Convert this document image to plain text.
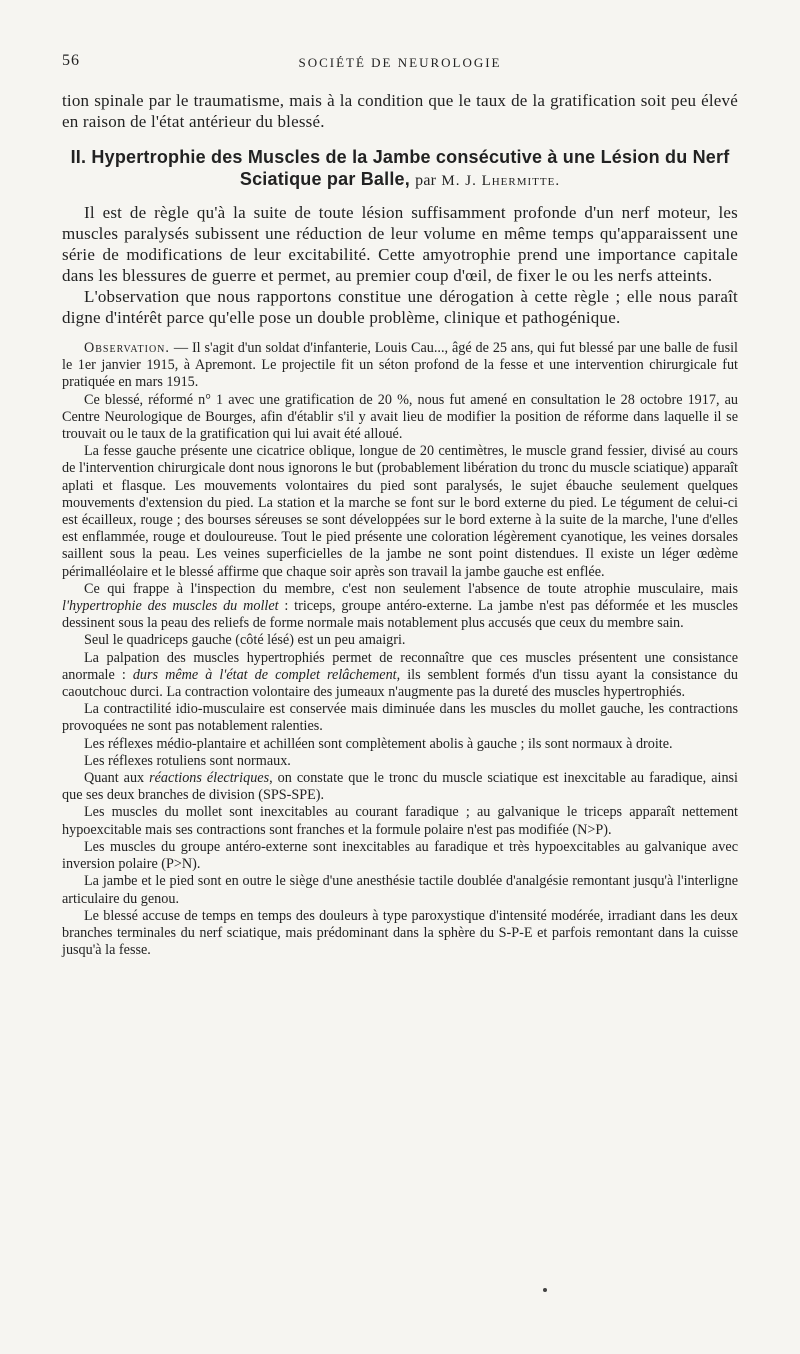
56	SOCIÉTÉ DE NEUROLOGIE

tion spinale par le traumatisme, mais à la condition que le taux de la gratification soit peu élevé en raison de l'état antérieur du blessé.

II. Hypertrophie des Muscles de la Jambe consécutive à une Lésion du Nerf Sciatique par Balle, par M. J. Lhermitte.

Il est de règle qu'à la suite de toute lésion suffisamment profonde d'un nerf moteur, les muscles paralysés subissent une réduction de leur volume en même temps qu'apparaissent une série de modifications de leur excitabilité. Cette amyotrophie prend une importance capitale dans les blessures de guerre et permet, au premier coup d'œil, de fixer le ou les nerfs atteints.

L'observation que nous rapportons constitue une dérogation à cette règle ; elle nous paraît digne d'intérêt parce qu'elle pose un double problème, clinique et pathogénique.

Observation. — Il s'agit d'un soldat d'infanterie, Louis Cau..., âgé de 25 ans, qui fut blessé par une balle de fusil le 1er janvier 1915, à Apremont. Le projectile fit un séton profond de la fesse et une intervention chirurgicale fut pratiquée en mars 1915.

Ce blessé, réformé n° 1 avec une gratification de 20 %, nous fut amené en consultation le 28 octobre 1917, au Centre Neurologique de Bourges, afin d'établir s'il y avait lieu de modifier la position de réforme dans laquelle il se trouvait ou le taux de la gratification qui lui avait été alloué.

La fesse gauche présente une cicatrice oblique, longue de 20 centimètres, le muscle grand fessier, divisé au cours de l'intervention chirurgicale dont nous ignorons le but (probablement libération du tronc du muscle sciatique) apparaît aplati et flasque. Les mouvements volontaires du pied sont paralysés, le sujet ébauche seulement quelques mouvements d'extension du pied. La station et la marche se font sur le bord externe du pied. Le tégument de celui-ci est écailleux, rouge ; des bourses séreuses se sont développées sur le bord externe à la suite de la marche, l'une d'elles est enflammée, rouge et douloureuse. Tout le pied présente une coloration légèrement cyanotique, les veines dorsales saillent sous la peau. Les veines superficielles de la jambe ne sont point distendues. Il existe un léger œdème périmalléolaire et le blessé affirme que chaque soir après son travail la jambe gauche est enflée.

Ce qui frappe à l'inspection du membre, c'est non seulement l'absence de toute atrophie musculaire, mais l'hypertrophie des muscles du mollet : triceps, groupe antéro-externe. La jambe n'est pas déformée et les muscles dessinent sous la peau des reliefs de forme normale mais notablement plus accusés que ceux du membre sain.

Seul le quadriceps gauche (côté lésé) est un peu amaigri.

La palpation des muscles hypertrophiés permet de reconnaître que ces muscles présentent une consistance anormale : durs même à l'état de complet relâchement, ils semblent formés d'un tissu ayant la consistance du caoutchouc durci. La contraction volontaire des jumeaux n'augmente pas la dureté des muscles hypertrophiés.

La contractilité idio-musculaire est conservée mais diminuée dans les muscles du mollet gauche, les contractions provoquées ne sont pas notablement ralenties.

Les réflexes médio-plantaire et achilléen sont complètement abolis à gauche ; ils sont normaux à droite.

Les réflexes rotuliens sont normaux.

Quant aux réactions électriques, on constate que le tronc du muscle sciatique est inexcitable au faradique, ainsi que ses deux branches de division (SPS-SPE).

Les muscles du mollet sont inexcitables au courant faradique ; au galvanique le triceps apparaît nettement hypoexcitable mais ses contractions sont franches et la formule polaire n'est pas modifiée (N>P).

Les muscles du groupe antéro-externe sont inexcitables au faradique et très hypoexcitables au galvanique avec inversion polaire (P>N).

La jambe et le pied sont en outre le siège d'une anesthésie tactile doublée d'analgésie remontant jusqu'à l'interligne articulaire du genou.

Le blessé accuse de temps en temps des douleurs à type paroxystique d'intensité modérée, irradiant dans les deux branches terminales du nerf sciatique, mais prédominant dans la sphère du S-P-E et parfois remontant dans la cuisse jusqu'à la fesse.
